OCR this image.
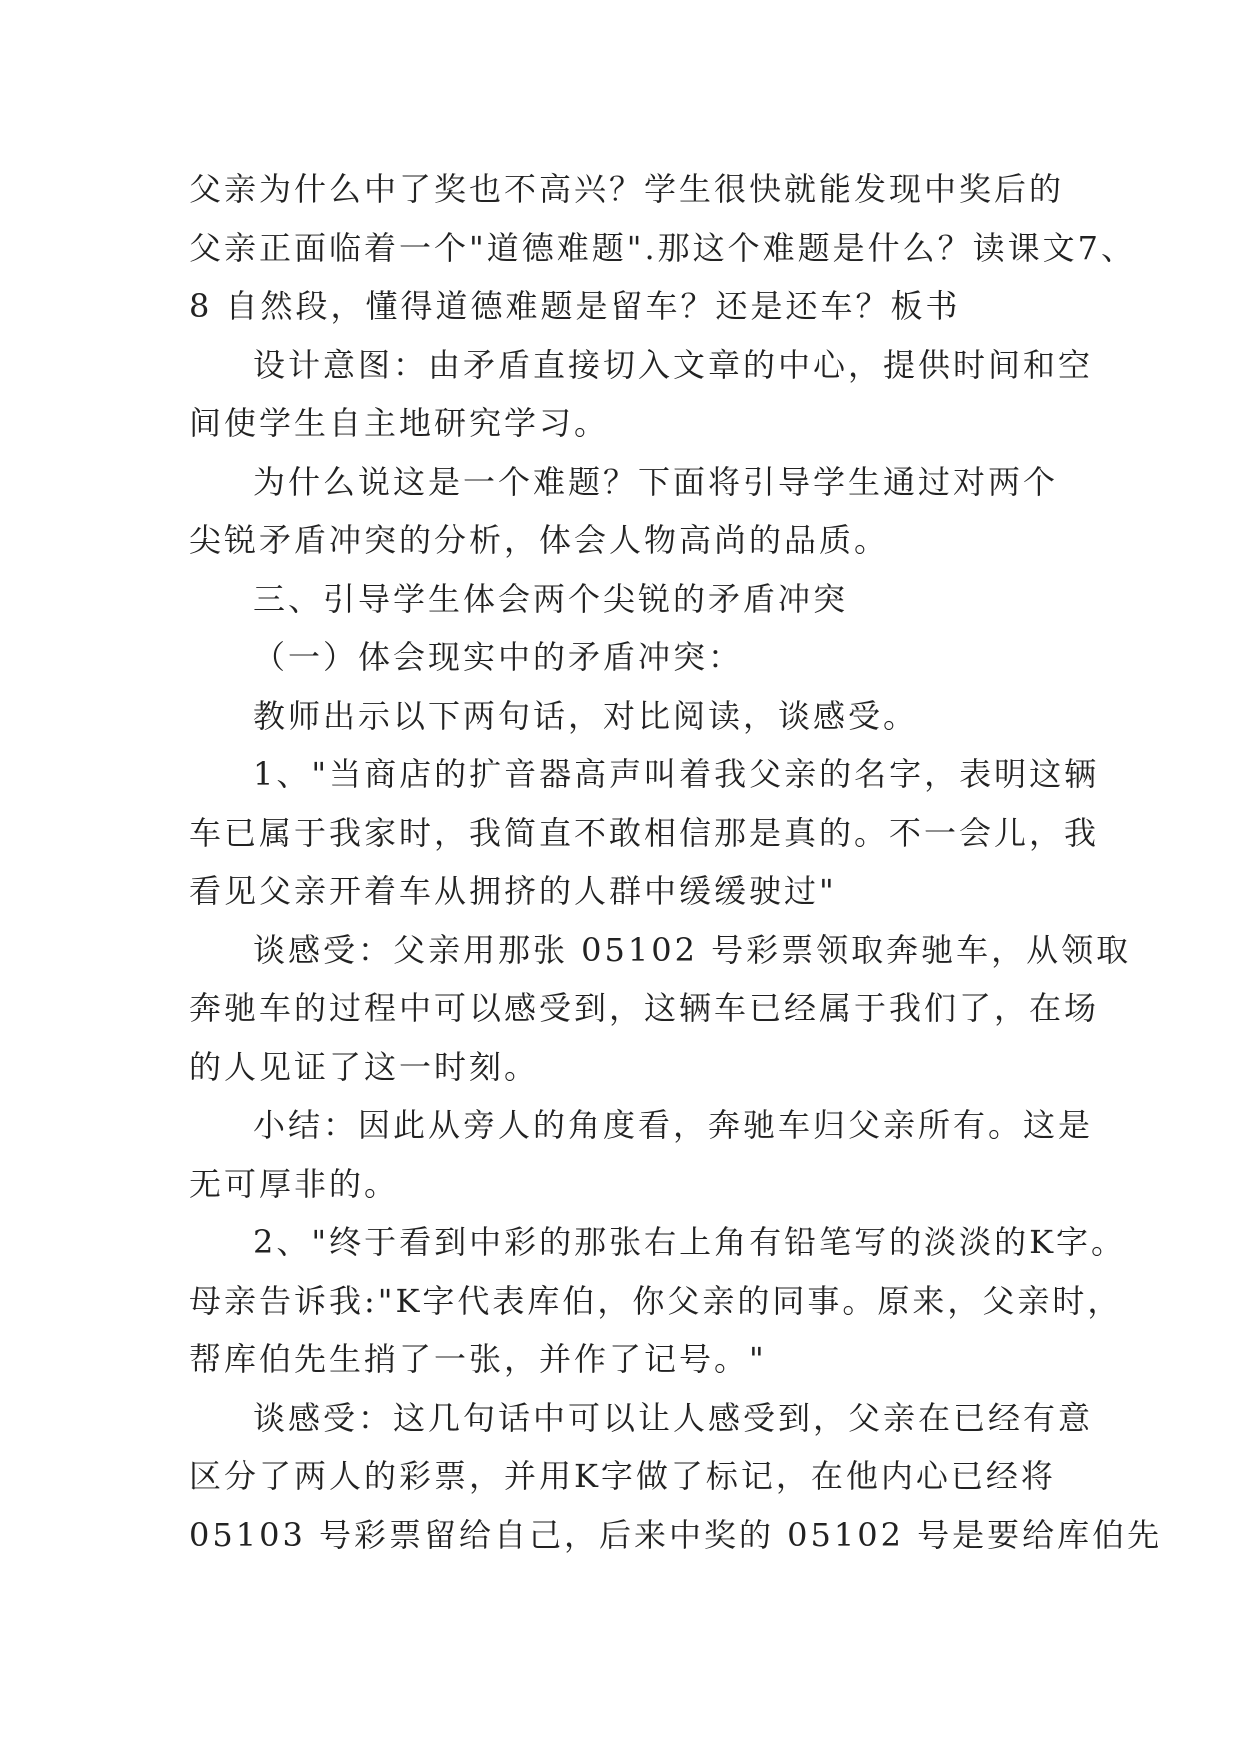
父亲为什么中了奖也不高兴？学生很快就能发现中奖后的
父亲正面临着一个"道德难题".那这个难题是什么？读课文7、
8 自然段，懂得道德难题是留车？还是还车？板书
设计意图：由矛盾直接切入文章的中心，提供时间和空
间使学生自主地研究学习。
为什么说这是一个难题？下面将引导学生通过对两个
尖锐矛盾冲突的分析，体会人物高尚的品质。
三、引导学生体会两个尖锐的矛盾冲突
（一）体会现实中的矛盾冲突：
教师出示以下两句话，对比阅读，谈感受。
1、"当商店的扩音器高声叫着我父亲的名字，表明这辆
车已属于我家时，我简直不敢相信那是真的。不一会儿，我
看见父亲开着车从拥挤的人群中缓缓驶过"
谈感受：父亲用那张 05102 号彩票领取奔驰车，从领取
奔驰车的过程中可以感受到，这辆车已经属于我们了，在场
的人见证了这一时刻。
小结：因此从旁人的角度看，奔驰车归父亲所有。这是
无可厚非的。
2、"终于看到中彩的那张右上角有铅笔写的淡淡的K字。
母亲告诉我:"K字代表库伯，你父亲的同事。原来，父亲时，
帮库伯先生捎了一张，并作了记号。"
谈感受：这几句话中可以让人感受到，父亲在已经有意
区分了两人的彩票，并用K字做了标记，在他内心已经将
05103 号彩票留给自己，后来中奖的 05102 号是要给库伯先
